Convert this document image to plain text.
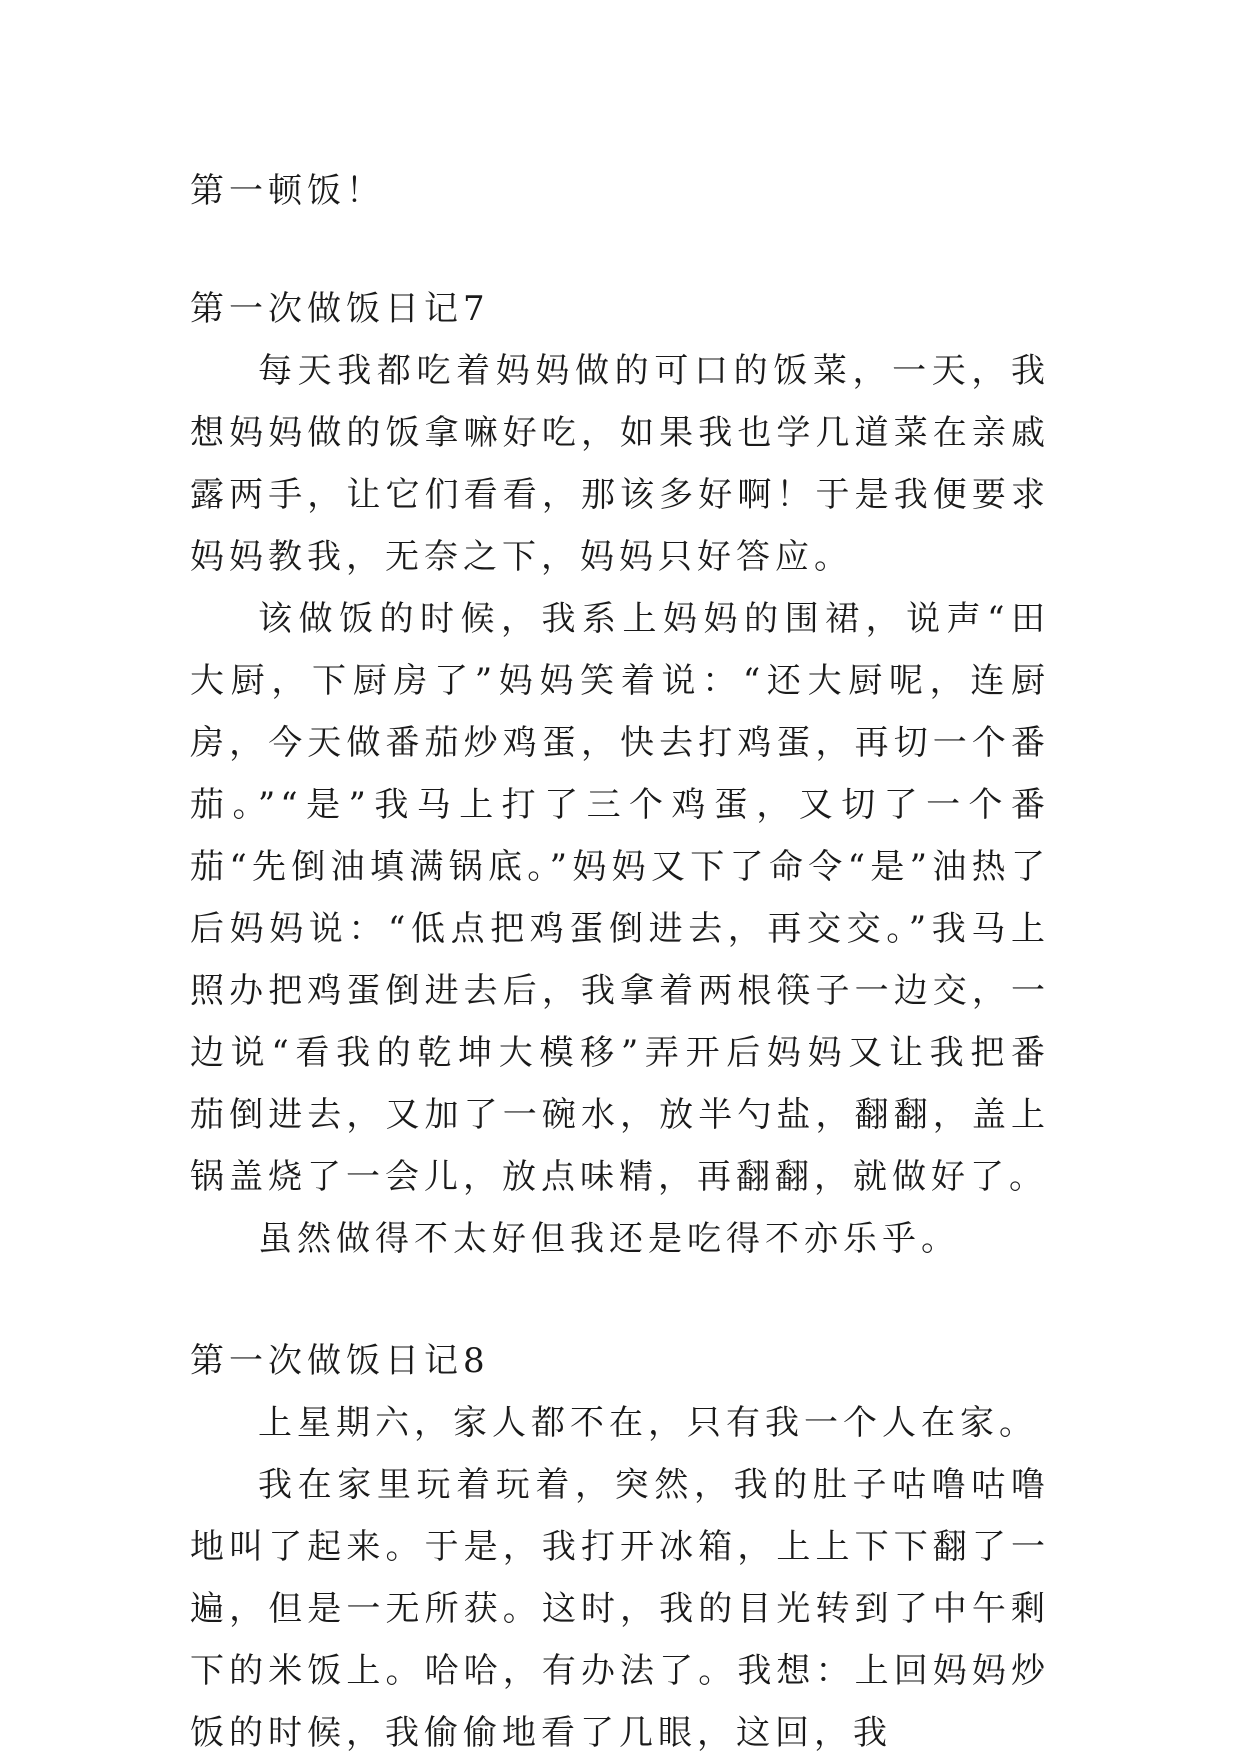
第一顿饭！

第一次做饭日记7

每天我都吃着妈妈做的可口的饭菜，一天，我想妈妈做的饭拿嘛好吃，如果我也学几道菜在亲戚露两手，让它们看看，那该多好啊！于是我便要求妈妈教我，无奈之下，妈妈只好答应。

该做饭的时候，我系上妈妈的围裙，说声“田大厨，下厨房了”妈妈笑着说：“还大厨呢，连厨房，今天做番茄炒鸡蛋，快去打鸡蛋，再切一个番茄。”“是”我马上打了三个鸡蛋，又切了一个番茄“先倒油填满锅底。”妈妈又下了命令“是”油热了后妈妈说：“低点把鸡蛋倒进去，再交交。”我马上照办把鸡蛋倒进去后，我拿着两根筷子一边交，一边说“看我的乾坤大模移”弄开后妈妈又让我把番茄倒进去，又加了一碗水，放半勺盐，翻翻，盖上锅盖烧了一会儿，放点味精，再翻翻，就做好了。

虽然做得不太好但我还是吃得不亦乐乎。

第一次做饭日记8

上星期六，家人都不在，只有我一个人在家。

我在家里玩着玩着，突然，我的肚子咕噜咕噜地叫了起来。于是，我打开冰箱，上上下下翻了一遍，但是一无所获。这时，我的目光转到了中午剩下的米饭上。哈哈，有办法了。我想：上回妈妈炒饭的时候，我偷偷地看了几眼，这回，我
